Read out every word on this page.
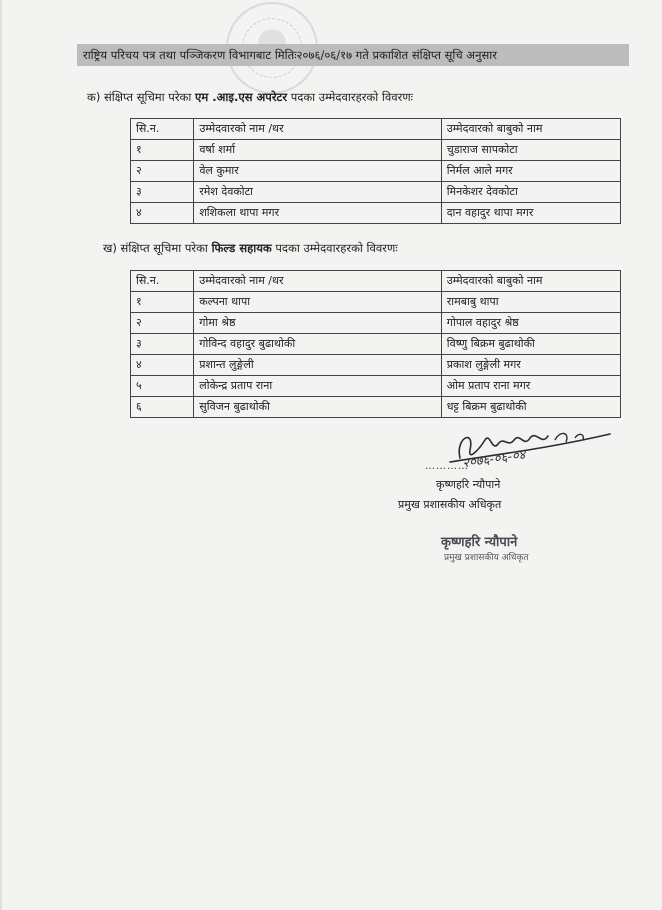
राष्ट्रिय परिचय पत्र तथा पञ्जिकरण विभागबाट मितिः२०७६/०६/१७ गते प्रकाशित संक्षिप्त सूचि अनुसार
क) संक्षिप्त सूचिमा परेका एम .आइ.एस अपरेटर पदका उम्मेदवारहरको विवरणः
सि.न.	उम्मेदवारको नाम /थर	उम्मेदवारको बाबुको नाम
१	वर्षा शर्मा	चुडाराज सापकोटा
२	वेल कुमार	निर्मल आले मगर
३	रमेश देवकोटा	मिनकेशर देवकोटा
४	शशिकला थापा मगर	दान वहादुर थापा मगर
ख) संक्षिप्त सूचिमा परेका फिल्ड सहायक पदका उम्मेदवारहरको विवरणः
सि.न.	उम्मेदवारको नाम /थर	उम्मेदवारको बाबुको नाम
१	कल्पना थापा	रामबाबु थापा
२	गोमा श्रेष्ठ	गोपाल वहादुर श्रेष्ठ
३	गोविन्द वहादुर बुढाथोकी	विष्णु बिक्रम बुढाथोकी
४	प्रशान्त लुङ्गेली	प्रकाश लुङ्गेली मगर
५	लोकेन्द्र प्रताप राना	ओम प्रताप राना मगर
६	सुविजन बुढाथोकी	धट्ट बिक्रम बुढाथोकी
…………
२०७६-०६-०४
कृष्णहरि न्यौपाने
प्रमुख प्रशासकीय अधिकृत
कृष्णहरि न्यौपाने
प्रमुख प्रशासकीय अधिकृत
